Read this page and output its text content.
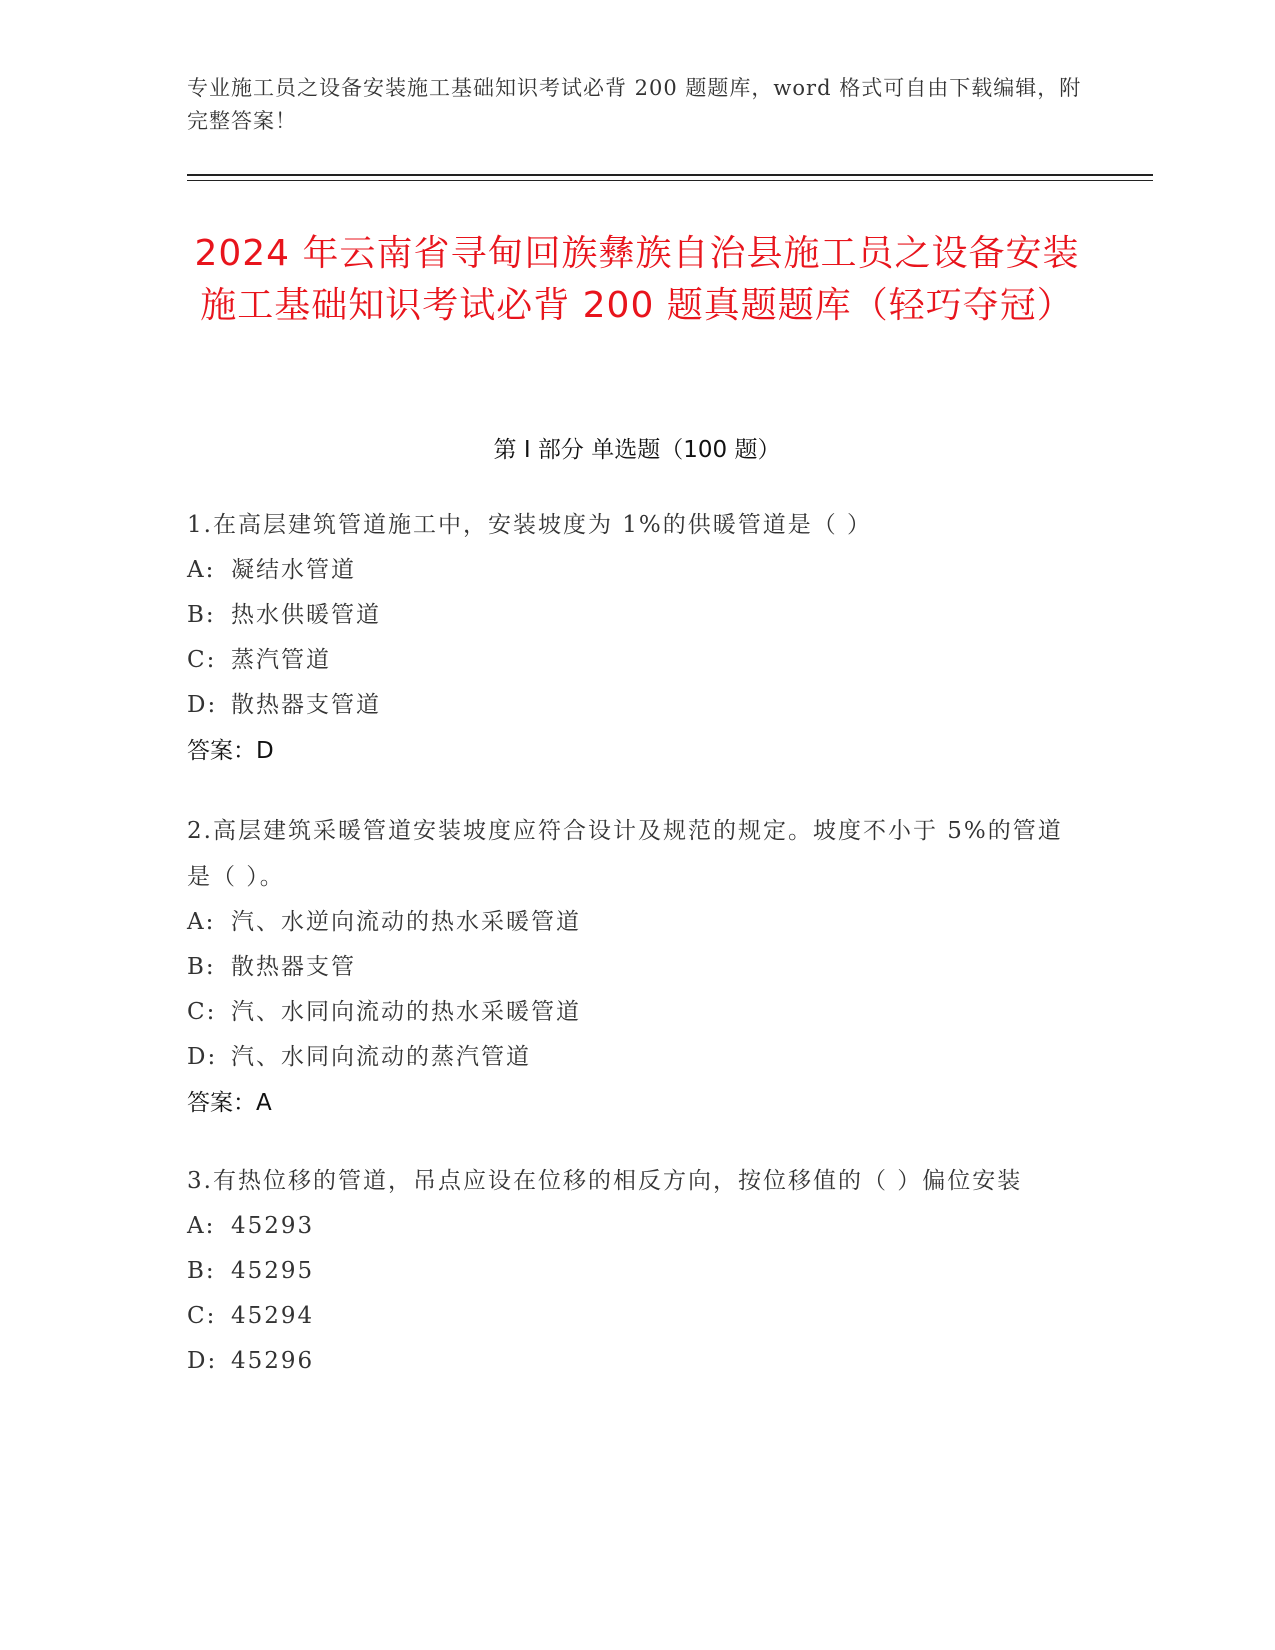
专业施工员之设备安装施工基础知识考试必背 200 题题库，word 格式可自由下载编辑，附完整答案！
2024 年云南省寻甸回族彝族自治县施工员之设备安装施工基础知识考试必背 200 题真题题库（轻巧夺冠）
第 I 部分 单选题（100 题）
1.在高层建筑管道施工中，安装坡度为 1%的供暖管道是（ ）
A: 凝结水管道
B: 热水供暖管道
C: 蒸汽管道
D: 散热器支管道
答案：D
2.高层建筑采暖管道安装坡度应符合设计及规范的规定。坡度不小于 5%的管道是（ ）。
A: 汽、水逆向流动的热水采暖管道
B: 散热器支管
C: 汽、水同向流动的热水采暖管道
D: 汽、水同向流动的蒸汽管道
答案：A
3.有热位移的管道，吊点应设在位移的相反方向，按位移值的（ ）偏位安装
A: 45293
B: 45295
C: 45294
D: 45296
